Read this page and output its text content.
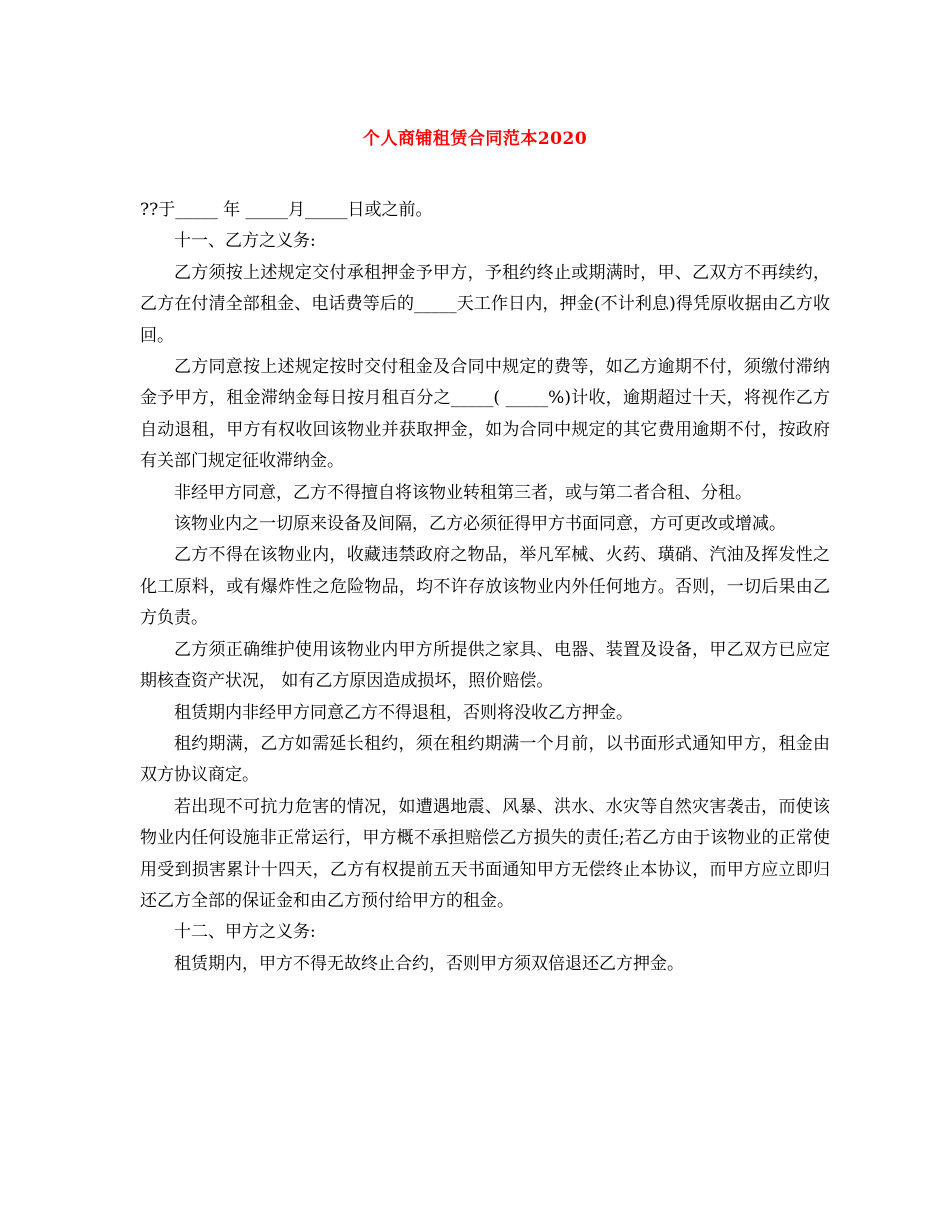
个人商铺租赁合同范本2020

??于_____ 年 _____月_____日或之前。

十一、乙方之义务:

乙方须按上述规定交付承租押金予甲方，予租约终止或期满时，甲、乙双方不再续约，乙方在付清全部租金、电话费等后的_____天工作日内，押金(不计利息)得凭原收据由乙方收回。

乙方同意按上述规定按时交付租金及合同中规定的费等，如乙方逾期不付，须缴付滞纳金予甲方，租金滞纳金每日按月租百分之_____( _____%)计收，逾期超过十天，将视作乙方自动退租，甲方有权收回该物业并获取押金，如为合同中规定的其它费用逾期不付，按政府有关部门规定征收滞纳金。

非经甲方同意，乙方不得擅自将该物业转租第三者，或与第二者合租、分租。

该物业内之一切原来设备及间隔，乙方必须征得甲方书面同意，方可更改或增减。

乙方不得在该物业内，收藏违禁政府之物品，举凡军械、火药、璜硝、汽油及挥发性之化工原料，或有爆炸性之危险物品，均不许存放该物业内外任何地方。否则，一切后果由乙方负责。

乙方须正确维护使用该物业内甲方所提供之家具、电器、装置及设备，甲乙双方已应定期核查资产状况， 如有乙方原因造成损坏，照价赔偿。

租赁期内非经甲方同意乙方不得退租，否则将没收乙方押金。

租约期满，乙方如需延长租约，须在租约期满一个月前，以书面形式通知甲方，租金由双方协议商定。

若出现不可抗力危害的情况，如遭遇地震、风暴、洪水、水灾等自然灾害袭击，而使该物业内任何设施非正常运行，甲方概不承担赔偿乙方损失的责任;若乙方由于该物业的正常使用受到损害累计十四天，乙方有权提前五天书面通知甲方无偿终止本协议，而甲方应立即归还乙方全部的保证金和由乙方预付给甲方的租金。

十二、甲方之义务:

租赁期内，甲方不得无故终止合约，否则甲方须双倍退还乙方押金。
